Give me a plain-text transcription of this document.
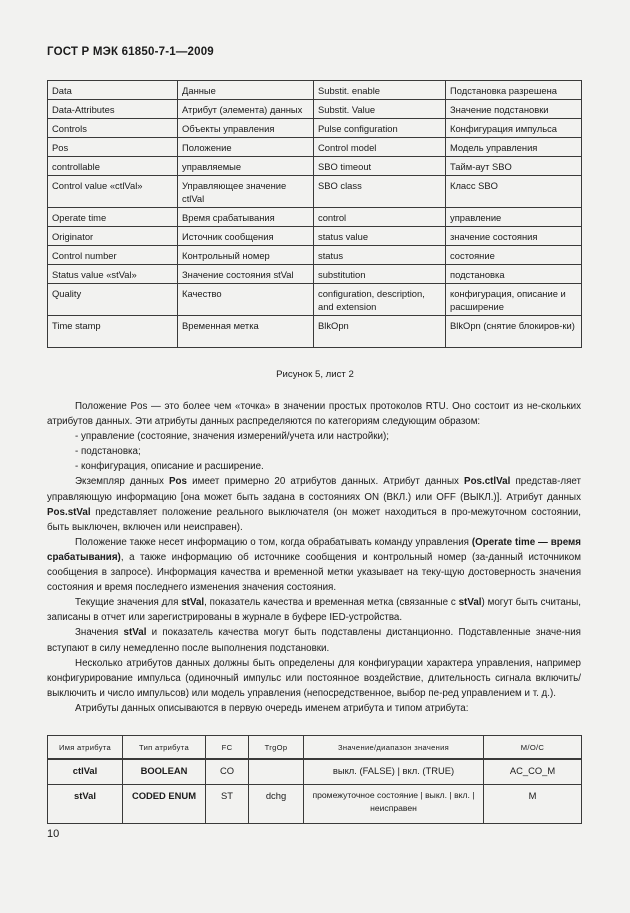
ГОСТ Р МЭК 61850-7-1—2009
Data	Данные	Substit. enable	Подстановка разрешена
Data-Attributes	Атрибут (элемента) данных	Substit. Value	Значение подстановки
Controls	Объекты управления	Pulse configuration	Конфигурация импульса
Pos	Положение	Control model	Модель управления
controllable	управляемые	SBO timeout	Тайм-аут SBO
Control value «ctlVal»	Управляющее значение ctlVal	SBO class	Класс SBO
Operate time	Время срабатывания	control	управление
Originator	Источник сообщения	status value	значение состояния
Control number	Контрольный номер	status	состояние
Status value «stVal»	Значение состояния stVal	substitution	подстановка
Quality	Качество	configuration, description, and extension	конфигурация, описание и расширение
Time stamp	Временная метка	BlkOpn	BlkOpn (снятие блокиров-ки)
Рисунок 5, лист 2

Положение Pos — это более чем «точка» в значении простых протоколов RTU. Оно состоит из не-скольких атрибутов данных. Эти атрибуты данных распределяются по категориям следующим образом:

- управление (состояние, значения измерений/учета или настройки);

- подстановка;

- конфигурация, описание и расширение.

Экземпляр данных Pos имеет примерно 20 атрибутов данных. Атрибут данных Pos.ctlVal представ-ляет управляющую информацию [она может быть задана в состояниях ON (ВКЛ.) или OFF (ВЫКЛ.)]. Атрибут данных Pos.stVal представляет положение реального выключателя (он может находиться в про-межуточном состоянии, быть выключен, включен или неисправен).

Положение также несет информацию о том, когда обрабатывать команду управления (Operate time — время срабатывания), а также информацию об источнике сообщения и контрольный номер (за-данный источником сообщения в запросе). Информация качества и временной метки указывает на теку-щую достоверность значения состояния и время последнего изменения значения состояния.

Текущие значения для stVal, показатель качества и временная метка (связанные с stVal) могут быть считаны, записаны в отчет или зарегистрированы в журнале в буфере IED-устройства.

Значения stVal и показатель качества могут быть подставлены дистанционно. Подставленные значе-ния вступают в силу немедленно после выполнения подстановки.

Несколько атрибутов данных должны быть определены для конфигурации характера управления, например конфигурирование импульса (одиночный импульс или постоянное воздействие, длительность сигнала включить/выключить и число импульсов) или модель управления (непосредственное, выбор пе-ред управлением и т. д.).

Атрибуты данных описываются в первую очередь именем атрибута и типом атрибута:

Имя атрибута	Тип атрибута	FC	TrgOp	Значение/диапазон значения	M/O/C
ctlVal	BOOLEAN	CO		выкл. (FALSE) | вкл. (TRUE)	AC_CO_M
stVal	CODED ENUM	ST	dchg	промежуточное состояние | выкл. | вкл. | неисправен	M
10
